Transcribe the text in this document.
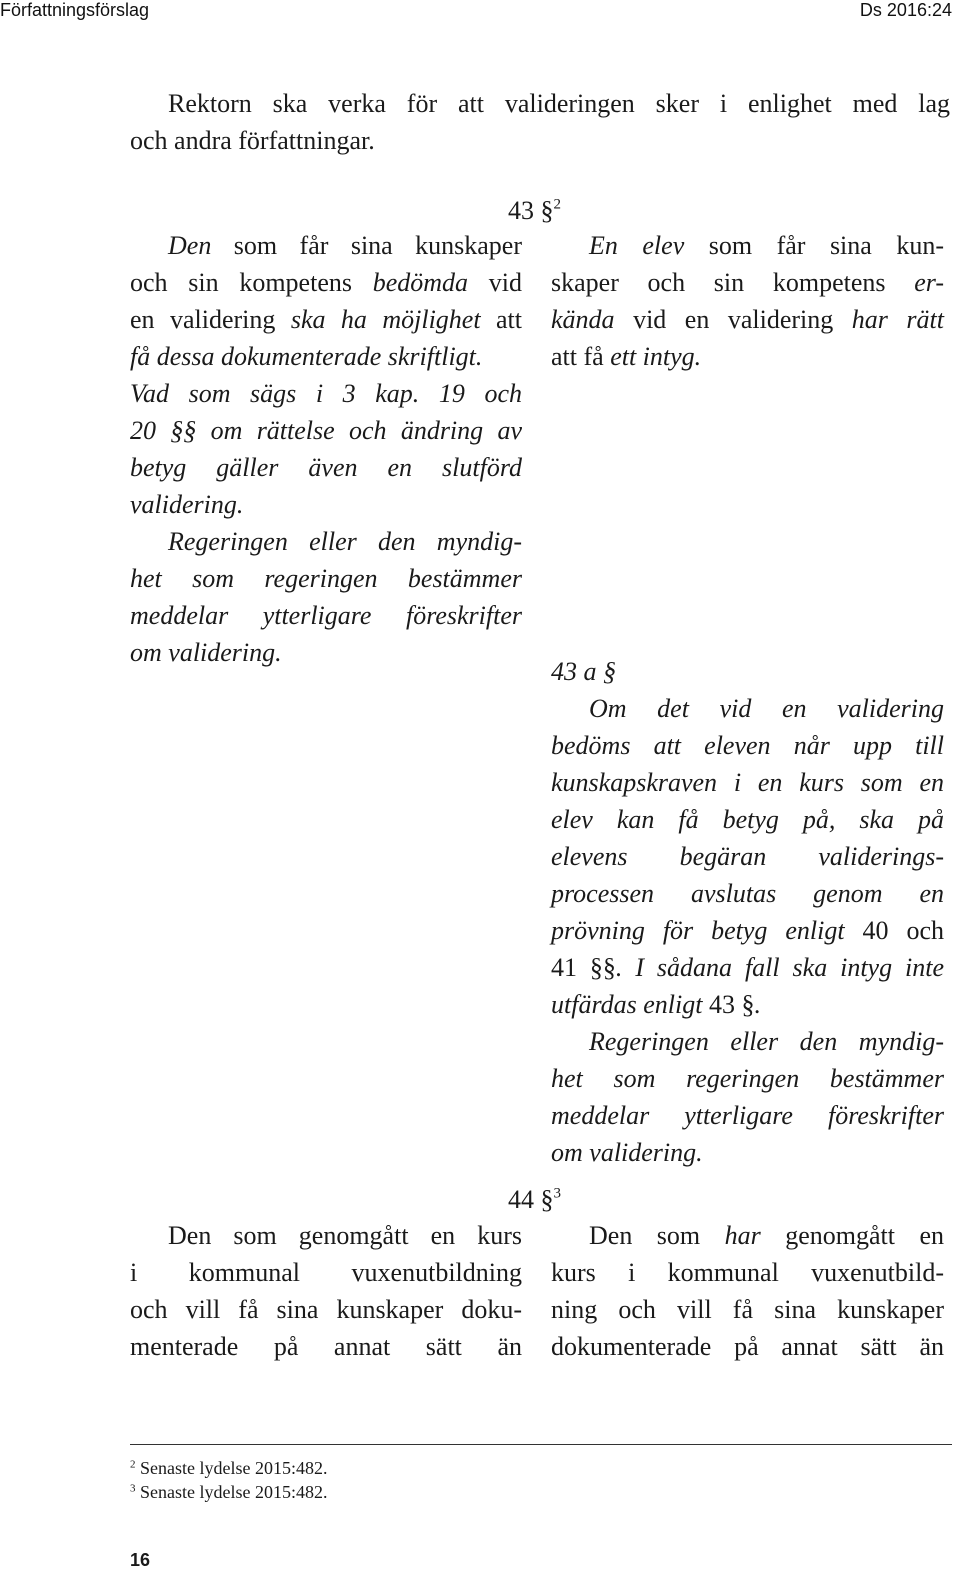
Författningsförslag	Ds 2016:24
Rektorn ska verka för att valideringen sker i enlighet med lag
och andra författningar.
43 §$^2$
Den som får sina kunskaper
och sin kompetens bedömda vid
en validering ska ha möjlighet att
få dessa dokumenterade skriftligt.
Vad som sägs i 3 kap. 19 och
20 §§ om rättelse och ändring av
betyg gäller även en slutförd
validering.
Regeringen eller den myndig-
het som regeringen bestämmer
meddelar ytterligare föreskrifter
om validering.
En elev som får sina kun-
skaper och sin kompetens er-
kända vid en validering har rätt
att få ett intyg.
43 a §
Om det vid en validering
bedöms att eleven når upp till
kunskapskraven i en kurs som en
elev kan få betyg på, ska på
elevens begäran validerings-
processen avslutas genom en
prövning för betyg enligt 40 och
41 §§. I sådana fall ska intyg inte
utfärdas enligt 43 §.
Regeringen eller den myndig-
het som regeringen bestämmer
meddelar ytterligare föreskrifter
om validering.
44 §$^3$
Den som genomgått en kurs
i kommunal vuxenutbildning
och vill få sina kunskaper doku-
menterade på annat sätt än
Den som har genomgått en
kurs i kommunal vuxenutbild-
ning och vill få sina kunskaper
dokumenterade på annat sätt än
$^2$ Senaste lydelse 2015:482.
$^3$ Senaste lydelse 2015:482.
16
